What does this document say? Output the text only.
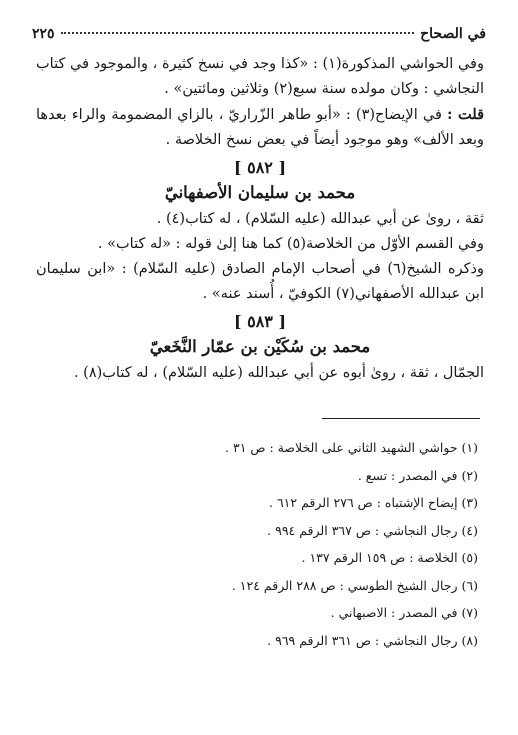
في الصحاح
٢٢٥

وفي الحواشي المذكورة(١) : «كذا وجد في نسخ كثيرة ، والموجود في كتاب النجاشي : وكان مولده سنة سبع(٢) وثلاثين ومائتين» .

قلت : في الإيضاح(٣) : «أبو طاهر الزّراريّ ، بالزاي المضمومة والراء بعدها وبعد الألف» وهو موجود أيضاً في بعض نسخ الخلاصة .

[ ٥٨٢ ]
محمد بن سليمان الأصفهانيّ

ثقة ، روىٰ عن أبي عبدالله (عليه السّلام) ، له كتاب(٤) .

وفي القسم الأوّل من الخلاصة(٥) كما هنا إلىٰ قوله : «له كتاب» .

وذكره الشيخ(٦) في أصحاب الإمام الصادق (عليه السّلام) : «ابن سليمان ابن عبدالله الأصفهاني(٧) الكوفيّ ، أُسند عنه» .

[ ٥٨٣ ]
محمد بن سُكَيْن بن عمّار النَّخَعيّ

الجمّال ، ثقة ، روىٰ أبوه عن أبي عبدالله (عليه السّلام) ، له كتاب(٨) .

(١) حواشي الشهيد الثاني على الخلاصة : ص ٣١ .
(٢) في المصدر : تسع .
(٣) إيضاح الإشتباه : ص ٢٧٦ الرقم ٦١٢ .
(٤) رجال النجاشي : ص ٣٦٧ الرقم ٩٩٤ .
(٥) الخلاصة : ص ١٥٩ الرقم ١٣٧ .
(٦) رجال الشيخ الطوسي : ص ٢٨٨ الرقم ١٢٤ .
(٧) في المصدر : الاصبهاني .
(٨) رجال النجاشي : ص ٣٦١ الرقم ٩٦٩ .
